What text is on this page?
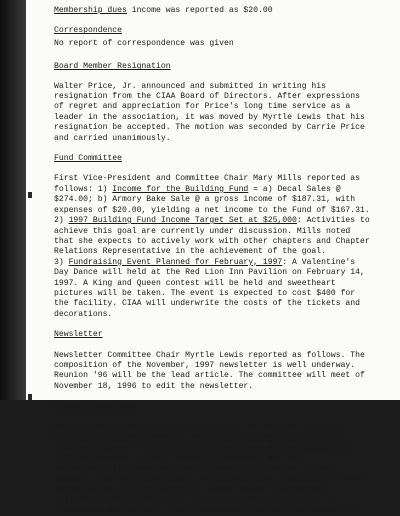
Membership dues income was reported as $20.00
Correspondence
No report of correspondence was given
Board Member Resignation
Walter Price, Jr. announced and submitted in writing his
resignation from the CIAA Board of Directors. After expressions
of regret and appreciation for Price's long time service as a
leader in the association, it was moved by Myrtle Lewis that his
resignation be accepted. The motion was seconded by Carrie Price
and carried unanimously.
Fund Committee
First Vice-President and Committee Chair Mary Mills reported as
follows: 1) Income for the Building Fund = a) Decal Sales @
$274.00; b) Armory Bake Sale @ a gross income of $187.31, with
expenses of $20.00, yielding a net income to the Fund of $167.31.
2) 1997 Building Fund Income Target Set at $25,000: Activities to
achieve this goal are currently under discussion. Mills noted
that she expects to actively work with other chapters and Chapter
Relations Representative in the achievement of the goal.
3) Fundraising Event Planned for February, 1997: A Valentine's
Day Dance will held at the Red Lion Inn Pavilion on February 14,
1997. A King and Queen contest will be held and sweetheart
pictures will be taken. The event is expected to cost $400 for
the facility. CIAA will underwrite the costs of the tickets and
decorations.
Newsletter
Newsletter Committee Chair Myrtle Lewis reported as follows. The
composition of the November, 1997 newsletter is well underway.
Reunion '96 will be the lead article. The committee will meet of
November 18, 1996 to edit the newsletter.
Chapter Relations
Chapter Relations Chair Curtis Tolliver as follows: 1) Marva
Battle Taylor has agreed to serve CIAA as the Elliston area
representative. 2) Roanoke Organizing Group met on October 17,
1996 as planned. A small group of Roanokers met and
enthusiastically endorsed moving ahead to organize a local
chapter. They were provided a briefing on the organizing process,
supported by written materials. Eaves opened the meeting.
Tolliver briefed the group, distributed materials. Also in
attendance was Carter.  The organizing group will be headed by
